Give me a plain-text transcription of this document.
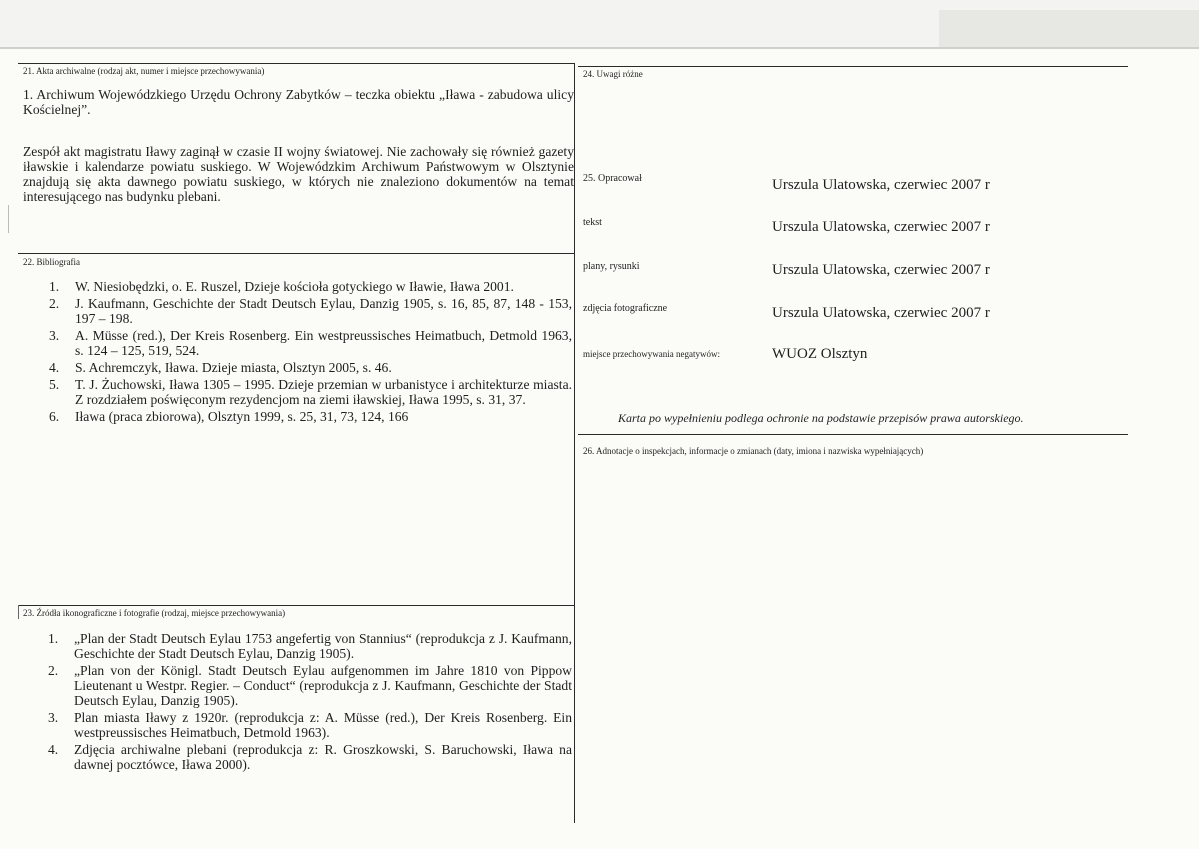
21. Akta archiwalne (rodzaj akt, numer i miejsce przechowywania)
1. Archiwum Wojewódzkiego Urzędu Ochrony Zabytków – teczka obiektu „Iława - zabudowa ulicy Kościelnej”.
Zespół akt magistratu Iławy zaginął w czasie II wojny światowej. Nie zachowały się również gazety iławskie i kalendarze powiatu suskiego. W Wojewódzkim Archiwum Państwowym w Olsztynie znajdują się akta dawnego powiatu suskiego, w których nie znaleziono dokumentów na temat interesującego nas budynku plebani.
22. Bibliografia
1. W. Niesiobędzki, o. E. Ruszel, Dzieje kościoła gotyckiego w Iławie, Iława 2001.
2. J. Kaufmann, Geschichte der Stadt Deutsch Eylau, Danzig 1905, s. 16, 85, 87, 148 - 153, 197 – 198.
3. A. Müsse (red.), Der Kreis Rosenberg. Ein westpreussisches Heimatbuch, Detmold 1963, s. 124 – 125, 519, 524.
4. S. Achremczyk, Iława. Dzieje miasta, Olsztyn 2005, s. 46.
5. T. J. Żuchowski, Iława 1305 – 1995. Dzieje przemian w urbanistyce i architekturze miasta. Z rozdziałem poświęconym rezydencjom na ziemi iławskiej, Iława 1995, s. 31, 37.
6. Iława (praca zbiorowa), Olsztyn 1999, s. 25, 31, 73, 124, 166
23. Źródła ikonograficzne i fotografie (rodzaj, miejsce przechowywania)
1. „Plan der Stadt Deutsch Eylau 1753 angefertig von Stannius“ (reprodukcja z J. Kaufmann, Geschichte der Stadt Deutsch Eylau, Danzig 1905).
2. „Plan von der Königl. Stadt Deutsch Eylau aufgenommen im Jahre 1810 von Pippow Lieutenant u Westpr. Regier. – Conduct“ (reprodukcja z J. Kaufmann, Geschichte der Stadt Deutsch Eylau, Danzig 1905).
3. Plan miasta Iławy z 1920r. (reprodukcja z: A. Müsse (red.), Der Kreis Rosenberg. Ein westpreussisches Heimatbuch, Detmold 1963).
4. Zdjęcia archiwalne plebani (reprodukcja z: R. Groszkowski, S. Baruchowski, Iława na dawnej pocztówce, Iława 2000).
24. Uwagi różne
25. Opracował	Urszula Ulatowska, czerwiec 2007 r
tekst	Urszula Ulatowska, czerwiec 2007 r
plany, rysunki	Urszula Ulatowska, czerwiec 2007 r
zdjęcia fotograficzne	Urszula Ulatowska, czerwiec 2007 r
miejsce przechowywania negatywów:	WUOZ Olsztyn
Karta po wypełnieniu podlega ochronie na podstawie przepisów prawa autorskiego.
26. Adnotacje o inspekcjach, informacje o zmianach (daty, imiona i nazwiska wypełniających)
